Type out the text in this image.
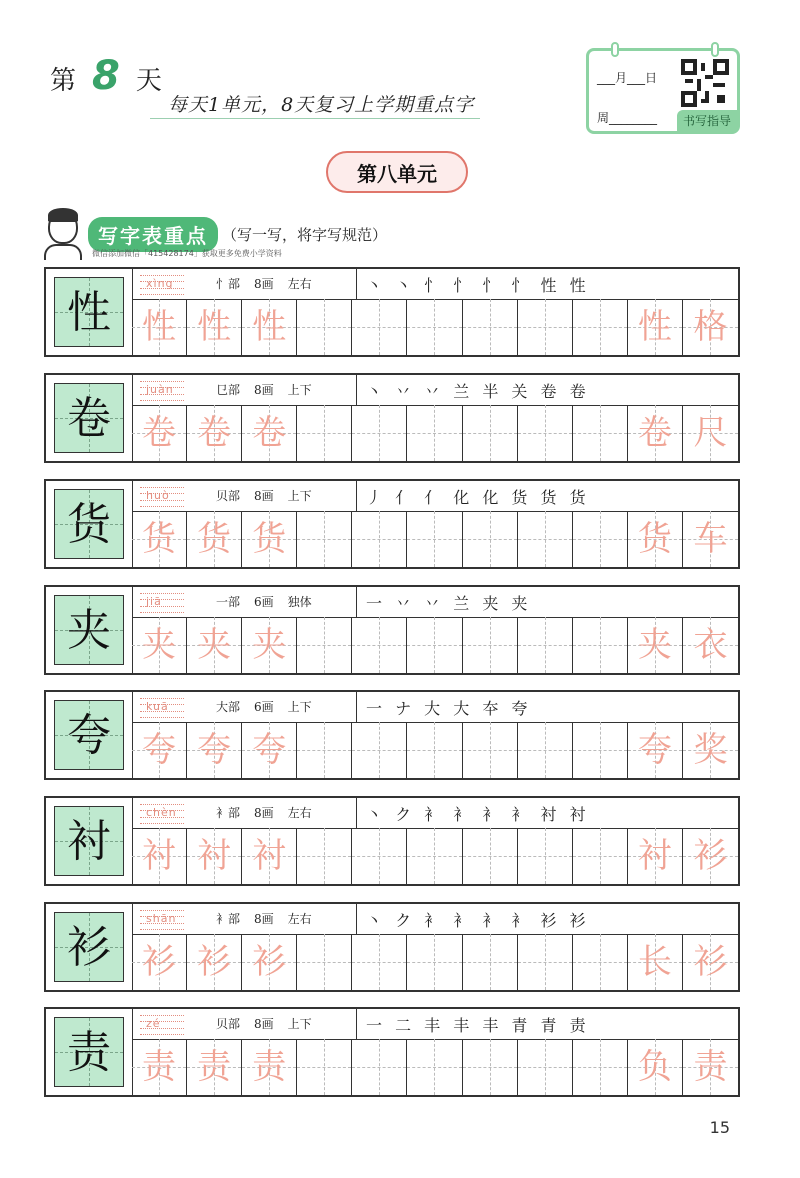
第 8 天
每天1单元，8天复习上学期重点字
___月___日
周________	书写指导
第八单元
写字表重点 （写一写，将字写规范）
微信添加微信「415428174」获取更多免费小学资料
性
xìng	忄部 8画 左右	丶 丶 忄 忄 忄 忄 性 性
性 性 性	性 格
卷
juàn	㔾部 8画 上下	丶 丷 丷 兰 半 关 卷 卷
卷 卷 卷	卷 尺
货
huò	贝部 8画 上下	丿 亻 亻 化 化 货 货 货
货 货 货	货 车
夹
jiā	一部 6画 独体	一 丷 丷 兰 夹 夹
夹 夹 夹	夹 衣
夸
kuā	大部 6画 上下	一 ナ 大 大 夲 夸
夸 夸 夸	夸 奖
衬
chèn	衤部 8画 左右	丶 ク 衤 衤 衤 衤 衬 衬
衬 衬 衬	衬 衫
衫
shān	衤部 8画 左右	丶 ク 衤 衤 衤 衤 衫 衫
衫 衫 衫	长 衫
责
zé	贝部 8画 上下	一 二 丰 丰 丰 青 青 责
责 责 责	负 责
15
